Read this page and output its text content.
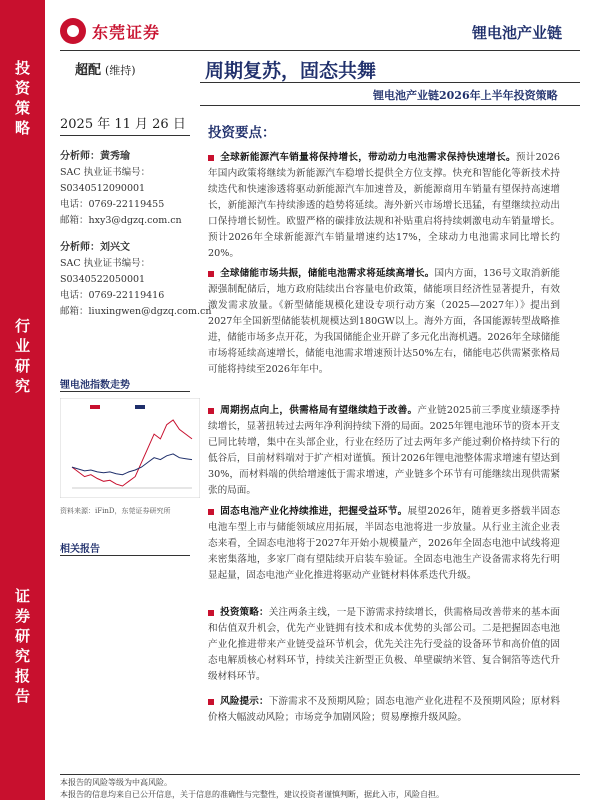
投
资
策
略
行
业
研
究
证
券
研
究
报
告
东莞证券	锂电池产业链
超配 (维持)	周期复苏，固态共舞
锂电池产业链2026年上半年投资策略
2025 年 11 月 26 日
分析师：黄秀瑜
SAC 执业证书编号：
S0340512090001
电话：0769-22119455
邮箱：hxy3@dgzq.com.cn
分析师：刘兴文
SAC 执业证书编号：
S0340522050001
电话：0769-22119416
邮箱：liuxingwen@dgzq.com.cn
锂电池指数走势
资料来源：iFinD，东莞证券研究所
相关报告
投资要点：
全球新能源汽车销量将保持增长，带动动力电池需求保持快速增长。预计2026年国内政策将继续为新能源汽车稳增长提供全方位支撑。快充和智能化等新技术持续迭代和快速渗透将驱动新能源汽车加速普及，新能源商用车销量有望保持高速增长，新能源汽车持续渗透的趋势将延续。海外新兴市场增长迅猛，有望继续拉动出口保持增长韧性。欧盟严格的碳排放法规和补贴重启将持续刺激电动车销量增长。预计2026年全球新能源汽车销量增速约达17%，全球动力电池需求同比增长约20%。
全球储能市场共振，储能电池需求将延续高增长。国内方面，136号文取消新能源强制配储后，地方政府陆续出台容量电价政策，储能项目经济性显著提升，有效激发需求放量。《新型储能规模化建设专项行动方案（2025—2027年）》提出到2027年全国新型储能装机规模达到180GW以上。海外方面，各国能源转型战略推进，储能市场多点开花，为我国储能企业开辟了多元化出海机遇。2026年全球储能市场将延续高速增长，储能电池需求增速预计达50%左右，储能电芯供需紧张格局可能将持续至2026年年中。
周期拐点向上，供需格局有望继续趋于改善。产业链2025前三季度业绩逐季持续增长，显著扭转过去两年净利润持续下滑的局面。2025年锂电池环节的资本开支已同比转增，集中在头部企业，行业在经历了过去两年多产能过剩价格持续下行的低谷后，目前材料端对于扩产相对谨慎。预计2026年锂电池整体需求增速有望达到30%，而材料端的供给增速低于需求增速，产业链多个环节有可能继续出现供需紧张的局面。
固态电池产业化持续推进，把握受益环节。展望2026年，随着更多搭载半固态电池车型上市与储能领域应用拓展，半固态电池将进一步放量。从行业主流企业表态来看，全固态电池将于2027年开始小规模量产，2026年全固态电池中试线将迎来密集落地，多家厂商有望陆续开启装车验证。全固态电池生产设备需求将先行明显起量，固态电池产业化推进将驱动产业链材料体系迭代升级。
投资策略：关注两条主线，一是下游需求持续增长，供需格局改善带来的基本面和估值双升机会，优先产业链拥有技术和成本优势的头部公司。二是把握固态电池产业化推进带来产业链受益环节机会，优先关注先行受益的设备环节和高价值的固态电解质核心材料环节，持续关注新型正负极、单壁碳纳米管、复合铜箔等迭代升级材料环节。
风险提示：下游需求不及预期风险；固态电池产业化进程不及预期风险；原材料价格大幅波动风险；市场竞争加剧风险；贸易摩擦升级风险。
本报告的风险等级为中高风险。
本报告的信息均来自已公开信息，关于信息的准确性与完整性，建议投资者谨慎判断，据此入市，风险自担。
